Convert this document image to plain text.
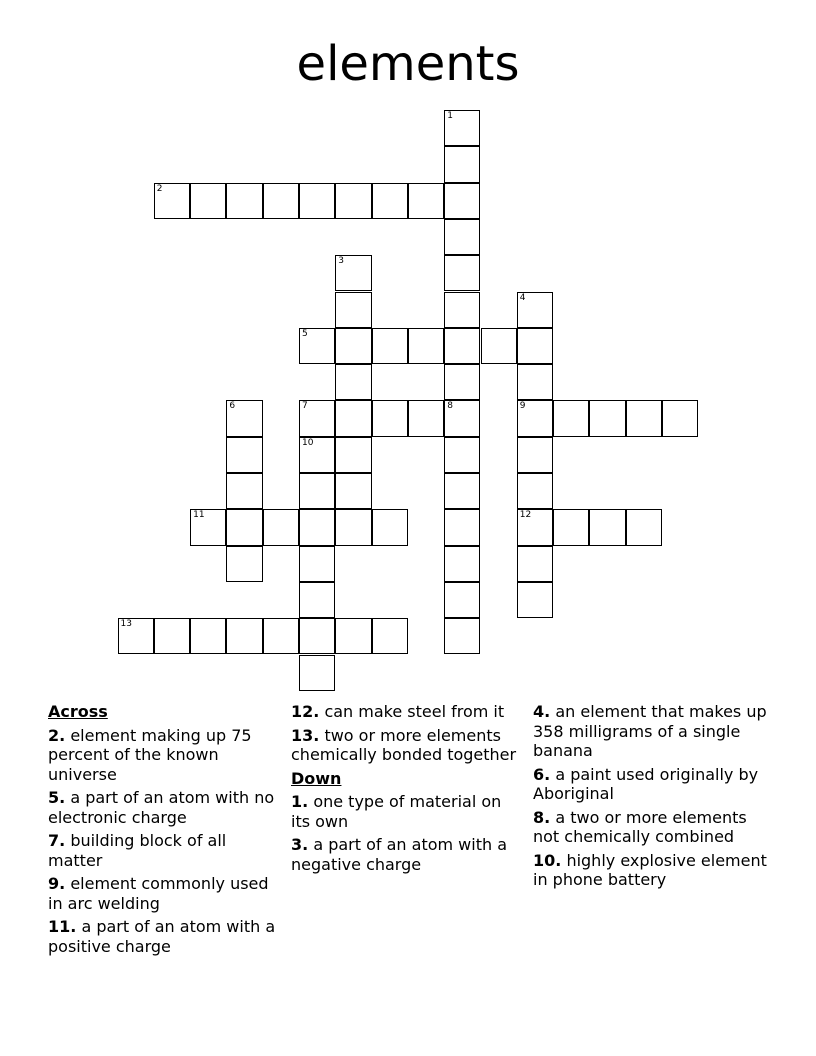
elements
1
2
3
4
9
12
5
6	7	8
10
11
13
Across
2. element making up 75 percent of the known universe
5. a part of an atom with no electronic charge
7. building block of all matter
9. element commonly used in arc welding
11. a part of an atom with a positive charge
12. can make steel from it
13. two or more elements chemically bonded together
Down
1. one type of material on its own
3. a part of an atom with a negative charge
4. an element that makes up 358 milligrams of a single banana
6. a paint used originally by Aboriginal
8. a two or more elements not chemically combined
10. highly explosive element in phone battery
